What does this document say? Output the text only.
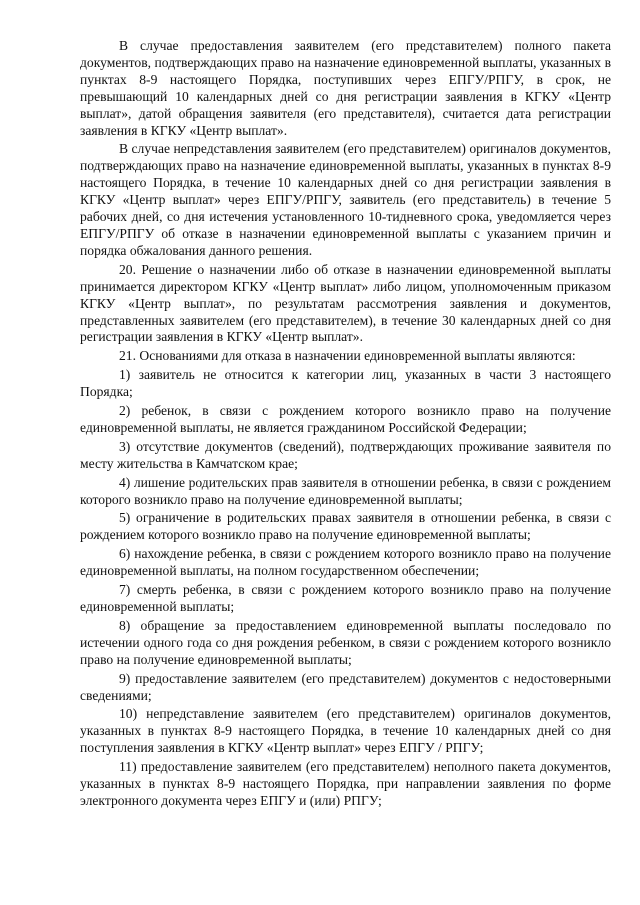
В случае предоставления заявителем (его представителем) полного пакета документов, подтверждающих право на назначение единовременной выплаты, указанных в пунктах 8-9 настоящего Порядка, поступивших через ЕПГУ/РПГУ, в срок, не превышающий 10 календарных дней со дня регистрации заявления в КГКУ «Центр выплат», датой обращения заявителя (его представителя), считается дата регистрации заявления в КГКУ «Центр выплат».

В случае непредставления заявителем (его представителем) оригиналов документов, подтверждающих право на назначение единовременной выплаты, указанных в пунктах 8-9 настоящего Порядка, в течение 10 календарных дней со дня регистрации заявления в КГКУ «Центр выплат» через ЕПГУ/РПГУ, заявитель (его представитель) в течение 5 рабочих дней, со дня истечения установленного 10-тидневного срока, уведомляется через ЕПГУ/РПГУ об отказе в назначении единовременной выплаты с указанием причин и порядка обжалования данного решения.

20. Решение о назначении либо об отказе в назначении единовременной выплаты принимается директором КГКУ «Центр выплат» либо лицом, уполномоченным приказом КГКУ «Центр выплат», по результатам рассмотрения заявления и документов, представленных заявителем (его представителем), в течение 30 календарных дней со дня регистрации заявления в КГКУ «Центр выплат».

21. Основаниями для отказа в назначении единовременной выплаты являются:

1) заявитель не относится к категории лиц, указанных в части 3 настоящего Порядка;

2) ребенок, в связи с рождением которого возникло право на получение единовременной выплаты, не является гражданином Российской Федерации;

3) отсутствие документов (сведений), подтверждающих проживание заявителя по месту жительства в Камчатском крае;

4) лишение родительских прав заявителя в отношении ребенка, в связи с рождением которого возникло право на получение единовременной выплаты;

5) ограничение в родительских правах заявителя в отношении ребенка, в связи с рождением которого возникло право на получение единовременной выплаты;

6) нахождение ребенка, в связи с рождением которого возникло право на получение единовременной выплаты, на полном государственном обеспечении;

7) смерть ребенка, в связи с рождением которого возникло право на получение единовременной выплаты;

8) обращение за предоставлением единовременной выплаты последовало по истечении одного года со дня рождения ребенком, в связи с рождением которого возникло право на получение единовременной выплаты;

9) предоставление заявителем (его представителем) документов с недостоверными сведениями;

10) непредставление заявителем (его представителем) оригиналов документов, указанных в пунктах 8-9 настоящего Порядка, в течение 10 календарных дней со дня поступления заявления в КГКУ «Центр выплат» через ЕПГУ / РПГУ;

11) предоставление заявителем (его представителем) неполного пакета документов, указанных в пунктах 8-9 настоящего Порядка, при направлении заявления по форме электронного документа через ЕПГУ и (или) РПГУ;
